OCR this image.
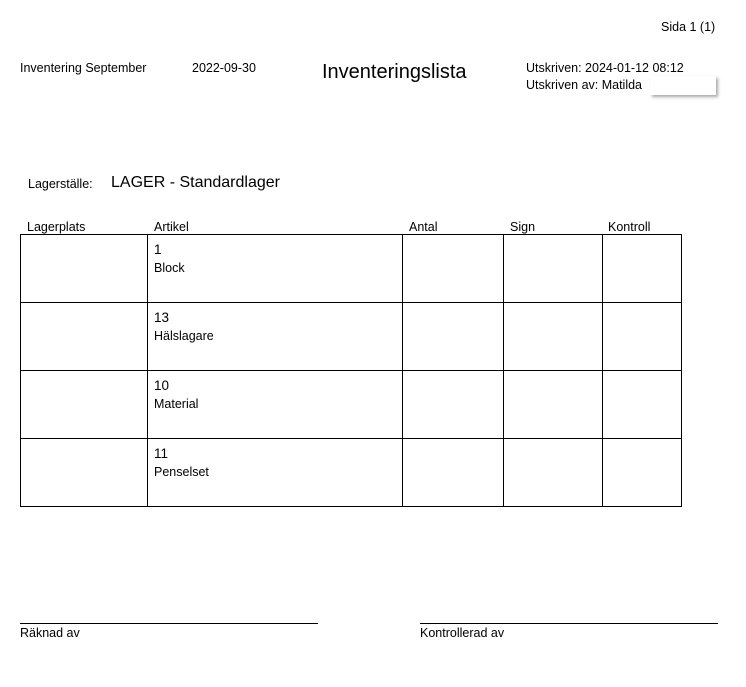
Sida 1 (1)
Inventering September	2022-09-30	Inventeringslista	Utskriven: 2024-01-12 08:12
Utskriven av: Matilda
Lagerställe: LAGER - Standardlager
Lagerplats	Artikel	Antal	Sign	Kontroll

	1
Block			

	13
Hälslagare			

	10
Material			

	11
Penselset			

Räknad av	Kontrollerad av
